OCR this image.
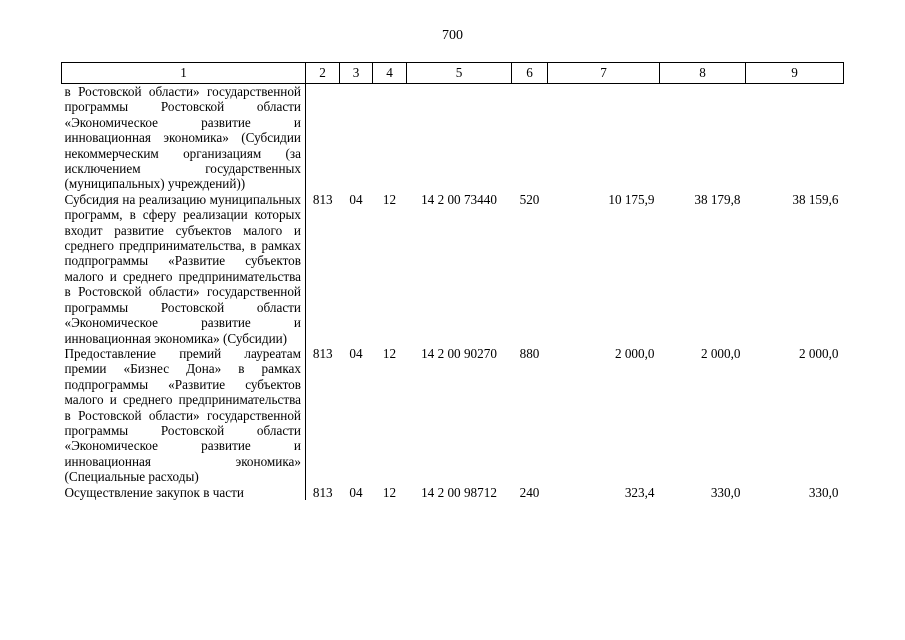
700
1	2	3	4	5	6	7	8	9
в Ростовской области» государственной программы Ростовской области «Экономическое развитие и инновационная экономика» (Субсидии некоммерческим организациям (за исключением государственных (муниципальных) учреждений))								
Субсидия на реализацию муниципальных программ, в сферу реализации которых входит развитие субъектов малого и среднего предпринимательства, в рамках подпрограммы «Развитие субъектов малого и среднего предпринимательства в Ростовской области» государственной программы Ростовской области «Экономическое развитие и инновационная экономика» (Субсидии)	813	04	12	14 2 00 73440	520	10 175,9	38 179,8	38 159,6
Предоставление премий лауреатам премии «Бизнес Дона» в рамках подпрограммы «Развитие субъектов малого и среднего предпринимательства в Ростовской области» государственной программы Ростовской области «Экономическое развитие и инновационная экономика» (Специальные расходы)	813	04	12	14 2 00 90270	880	2 000,0	2 000,0	2 000,0
Осуществление закупок в части	813	04	12	14 2 00 98712	240	323,4	330,0	330,0
